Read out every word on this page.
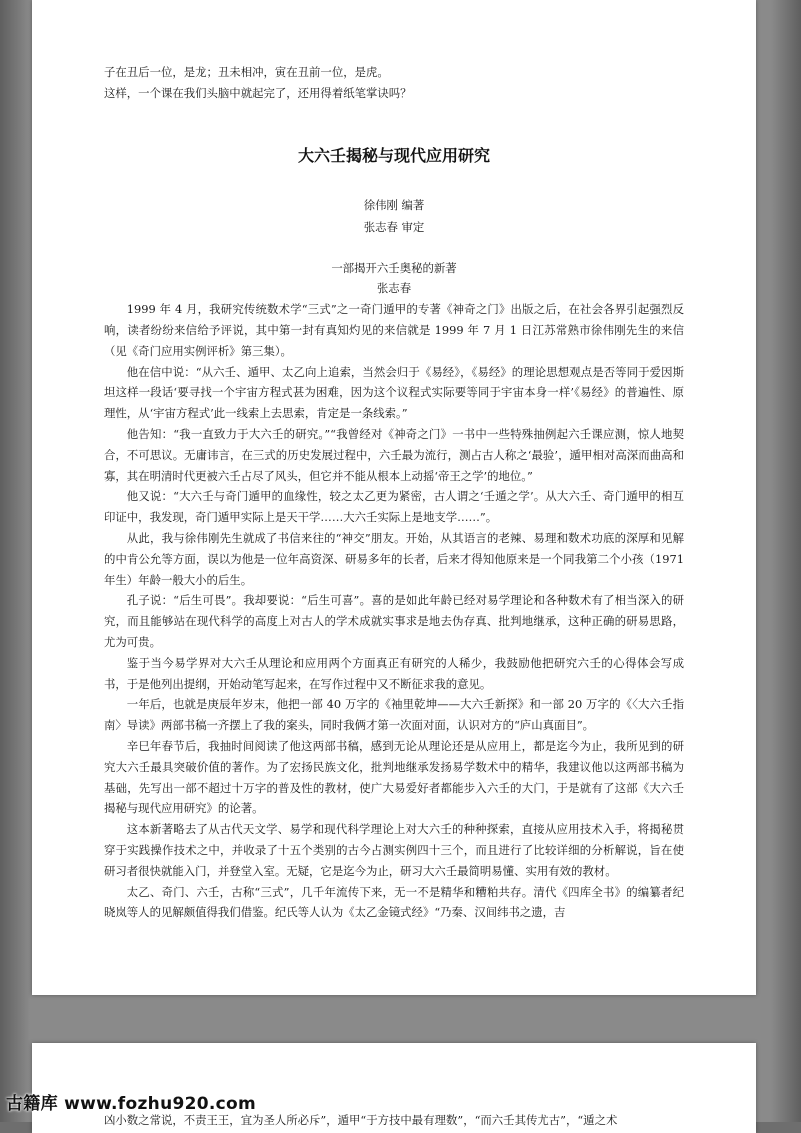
子在丑后一位，是龙；丑未相冲，寅在丑前一位，是虎。

这样，一个课在我们头脑中就起完了，还用得着纸笔掌诀吗？

大六壬揭秘与现代应用研究

徐伟刚 编著

张志春 审定

一部揭开六壬奥秘的新著

张志春

1999 年 4 月，我研究传统数术学“三式”之一奇门遁甲的专著《神奇之门》出版之后，在社会各界引起强烈反响，读者纷纷来信给予评说，其中第一封有真知灼见的来信就是 1999 年 7 月 1 日江苏常熟市徐伟刚先生的来信（见《奇门应用实例评析》第三集）。

他在信中说：“从六壬、遁甲、太乙向上追索，当然会归于《易经》，《易经》的理论思想观点是否等同于爱因斯坦这样一段话‘要寻找一个宇宙方程式甚为困难，因为这个议程式实际要等同于宇宙本身一样’《易经》的普遍性、原理性，从‘宇宙方程式’此一线索上去思索，肯定是一条线索。”

他告知：“我一直致力于大六壬的研究。”“我曾经对《神奇之门》一书中一些特殊抽例起六壬课应测，惊人地契合，不可思议。无庸讳言，在三式的历史发展过程中，六壬最为流行，测占古人称之‘最验’，遁甲相对高深而曲高和寡，其在明清时代更被六壬占尽了风头，但它并不能从根本上动摇‘帝王之学’的地位。”

他又说：“大六壬与奇门遁甲的血缘性，较之太乙更为紧密，古人谓之‘壬遁之学’。从大六壬、奇门遁甲的相互印证中，我发现，奇门遁甲实际上是天干学……大六壬实际上是地支学……”。

从此，我与徐伟刚先生就成了书信来往的“神交”朋友。开始，从其语言的老辣、易理和数术功底的深厚和见解的中肯公允等方面，误以为他是一位年高资深、研易多年的长者，后来才得知他原来是一个同我第二个小孩（1971 年生）年龄一般大小的后生。

孔子说：“后生可畏”。我却要说：“后生可喜”。喜的是如此年龄已经对易学理论和各种数术有了相当深入的研究，而且能够站在现代科学的高度上对古人的学术成就实事求是地去伪存真、批判地继承，这种正确的研易思路，尤为可贵。

鉴于当今易学界对大六壬从理论和应用两个方面真正有研究的人稀少，我鼓励他把研究六壬的心得体会写成书，于是他列出提纲，开始动笔写起来，在写作过程中又不断征求我的意见。

一年后，也就是庚辰年岁末，他把一部 40 万字的《袖里乾坤——大六壬新探》和一部 20 万字的《〈大六壬指南〉导读》两部书稿一齐摆上了我的案头，同时我俩才第一次面对面，认识对方的“庐山真面目”。

辛巳年春节后，我抽时间阅读了他这两部书稿，感到无论从理论还是从应用上，都是迄今为止，我所见到的研究大六壬最具突破价值的著作。为了宏扬民族文化，批判地继承发扬易学数术中的精华，我建议他以这两部书稿为基础，先写出一部不超过十万字的普及性的教材，使广大易爱好者都能步入六壬的大门，于是就有了这部《大六壬揭秘与现代应用研究》的论著。

这本新著略去了从古代天文学、易学和现代科学理论上对大六壬的种种探索，直接从应用技术入手，将揭秘贯穿于实践操作技术之中，并收录了十五个类别的古今占测实例四十三个，而且进行了比较详细的分析解说，旨在使研习者很快就能入门，并登堂入室。无疑，它是迄今为止，研习大六壬最简明易懂、实用有效的教材。

太乙、奇门、六壬，古称“三式”，几千年流传下来，无一不是精华和糟粕共存。清代《四库全书》的编纂者纪晓岚等人的见解颇值得我们借鉴。纪氏等人认为《太乙金镜式经》“乃秦、汉间纬书之遗，吉

凶小数之常说，不责王王，宜为圣人所必斥”，遁甲“于方技中最有理数”，“而六壬其传尤古”，“遁之术
古籍库 www.fozhu920.com
